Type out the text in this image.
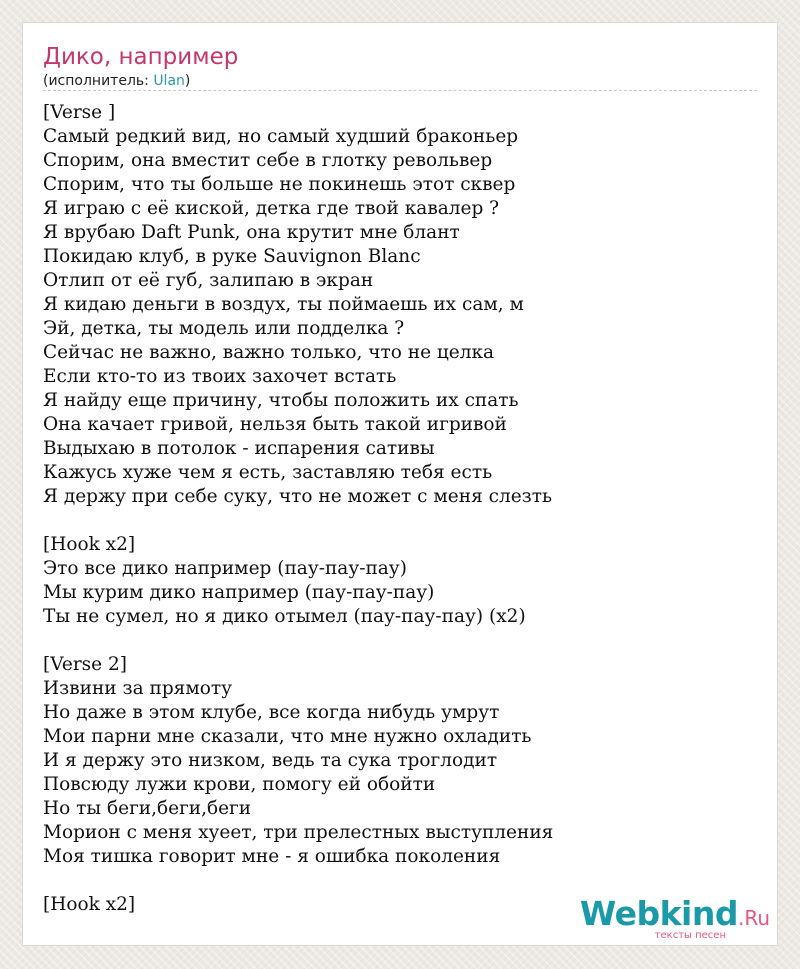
Дико, например
(исполнитель: Ulan)
[Verse ]
Самый редкий вид, но самый худший браконьер
Спорим, она вместит себе в глотку револьвер
Спорим, что ты больше не покинешь этот сквер
Я играю с её киской, детка где твой кавалер ?
Я врубаю Daft Punk, она крутит мне блант
Покидаю клуб, в руке Sauvignon Blanc
Отлип от её губ, залипаю в экран
Я кидаю деньги в воздух, ты поймаешь их сам, м
Эй, детка, ты модель или подделка ?
Сейчас не важно, важно только, что не целка
Если кто-то из твоих захочет встать
Я найду еще причину, чтобы положить их спать
Она качает гривой, нельзя быть такой игривой
Выдыхаю в потолок - испарения сативы
Кажусь хуже чем я есть, заставляю тебя есть
Я держу при себе суку, что не может с меня слезть
[Hook x2]
Это все дико например (пау-пау-пау)
Мы курим дико например (пау-пау-пау)
Ты не сумел, но я дико отымел (пау-пау-пау) (x2)
[Verse 2]
Извини за прямоту
Но даже в этом клубе, все когда нибудь умрут
Мои парни мне сказали, что мне нужно охладить
И я держу это низком, ведь та сука троглодит
Повсюду лужи крови, помогу ей обойти
Но ты беги,беги,беги
Морион с меня хуеет, три прелестных выступления
Моя тишка говорит мне - я ошибка поколения
[Hook x2]	Webkind.Ru
тексты песен
